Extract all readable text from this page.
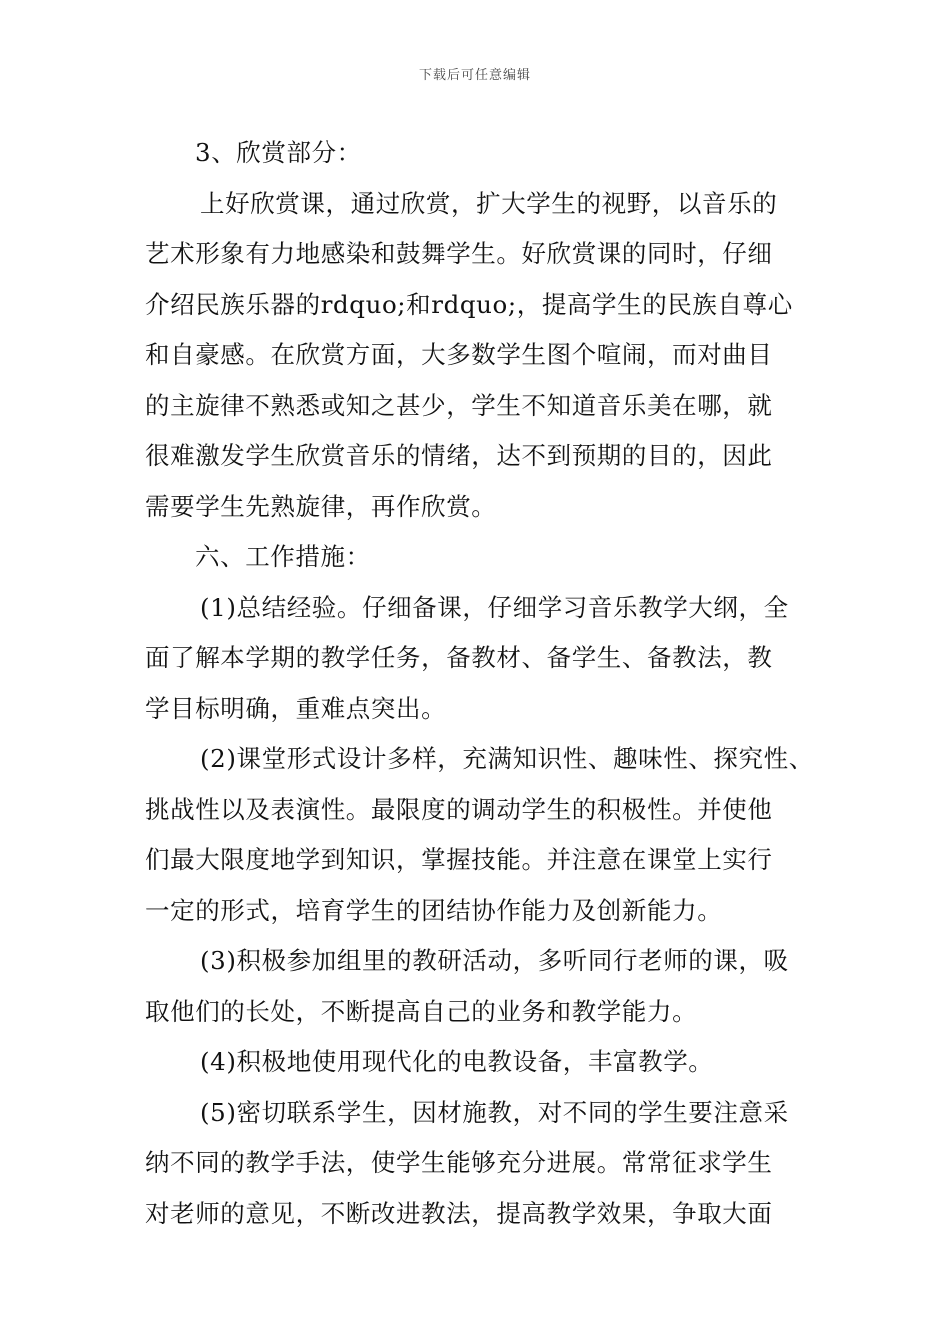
下载后可任意编辑
3、欣赏部分：
上好欣赏课，通过欣赏，扩大学生的视野，以音乐的
艺术形象有力地感染和鼓舞学生。好欣赏课的同时，仔细
介绍民族乐器的rdquo;和rdquo;，提高学生的民族自尊心
和自豪感。在欣赏方面，大多数学生图个喧闹，而对曲目
的主旋律不熟悉或知之甚少，学生不知道音乐美在哪，就
很难激发学生欣赏音乐的情绪，达不到预期的目的，因此
需要学生先熟旋律，再作欣赏。
六、工作措施：
(1)总结经验。仔细备课，仔细学习音乐教学大纲，全
面了解本学期的教学任务，备教材、备学生、备教法，教
学目标明确，重难点突出。
(2)课堂形式设计多样，充满知识性、趣味性、探究性、
挑战性以及表演性。最限度的调动学生的积极性。并使他
们最大限度地学到知识，掌握技能。并注意在课堂上实行
一定的形式，培育学生的团结协作能力及创新能力。
(3)积极参加组里的教研活动，多听同行老师的课，吸
取他们的长处，不断提高自己的业务和教学能力。
(4)积极地使用现代化的电教设备，丰富教学。
(5)密切联系学生，因材施教，对不同的学生要注意采
纳不同的教学手法，使学生能够充分进展。常常征求学生
对老师的意见，不断改进教法，提高教学效果，争取大面
